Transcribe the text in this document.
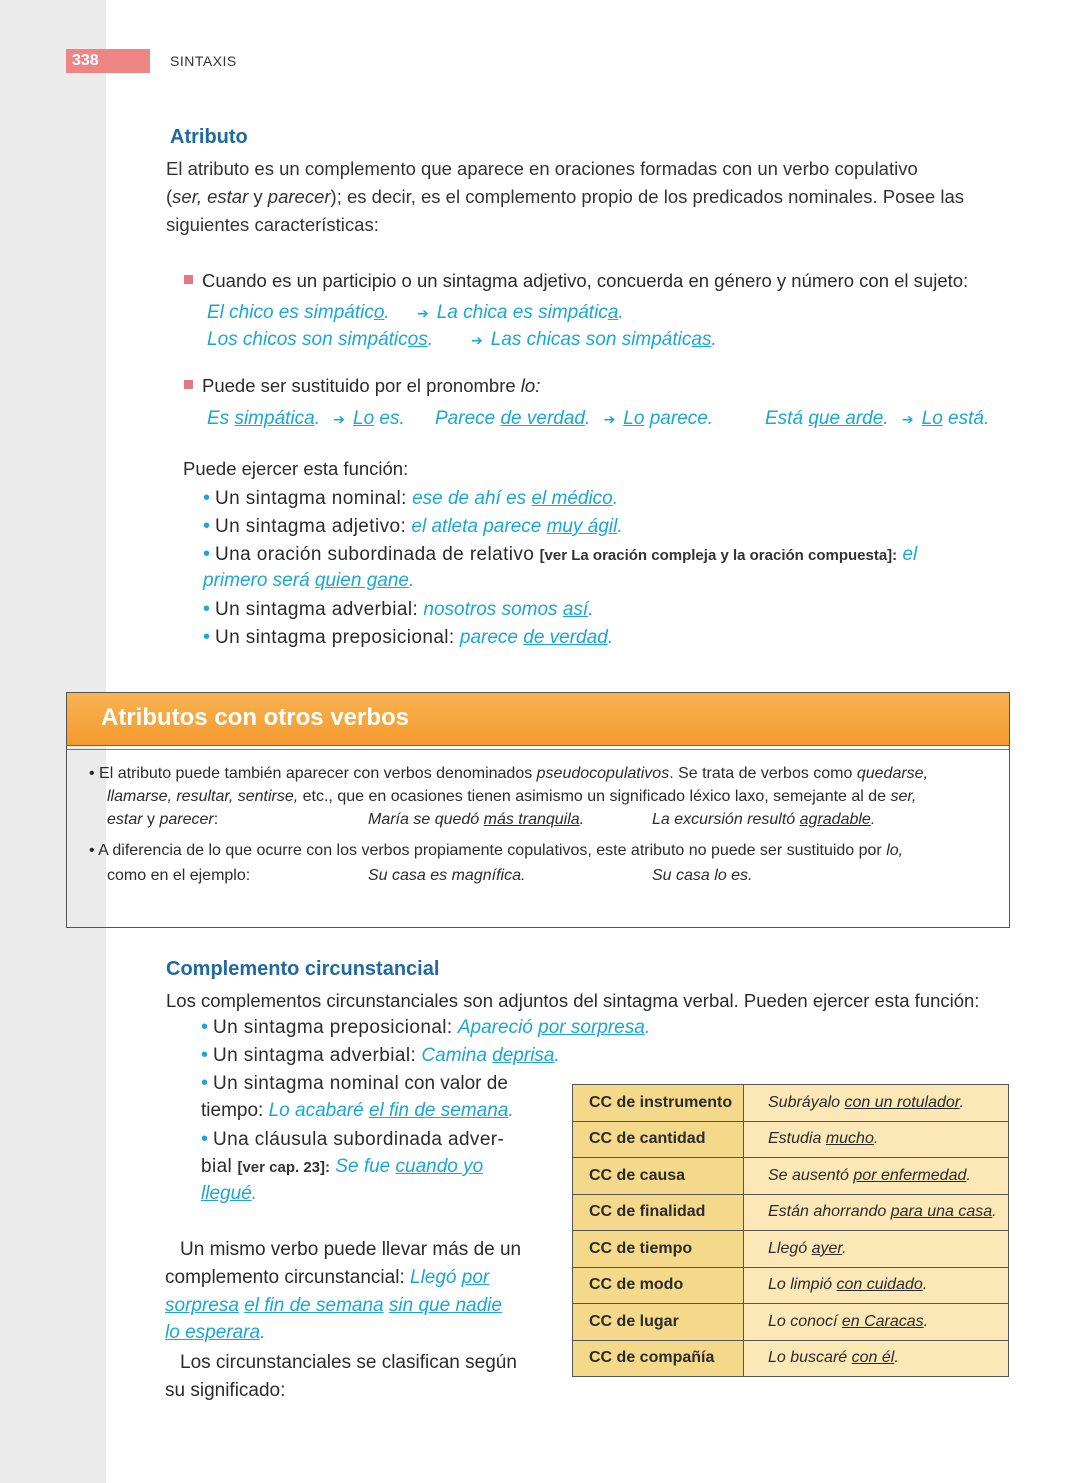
338	SINTAXIS
Atributo
El atributo es un complemento que aparece en oraciones formadas con un verbo copulativo
(ser, estar y parecer); es decir, es el complemento propio de los predicados nominales. Posee las
siguientes características:
Cuando es un participio o un sintagma adjetivo, concuerda en género y número con el sujeto:
El chico es simpático. ➔ La chica es simpática.
Los chicos son simpáticos.	➔ Las chicas son simpáticas.
Puede ser sustituido por el pronombre lo:
Es simpática. ➔ Lo es. Parece de verdad. ➔ Lo parece.	Está que arde. ➔ Lo está.
Puede ejercer esta función:
• Un sintagma nominal: ese de ahí es el médico.
• Un sintagma adjetivo: el atleta parece muy ágil.
• Una oración subordinada de relativo [ver La oración compleja y la oración compuesta]: el
primero será quien gane.
• Un sintagma adverbial: nosotros somos así.
• Un sintagma preposicional: parece de verdad.
Atributos con otros verbos
• El atributo puede también aparecer con verbos denominados pseudocopulativos. Se trata de verbos como quedarse,
llamarse, resultar, sentirse, etc., que en ocasiones tienen asimismo un significado léxico laxo, semejante al de ser,
estar y parecer:	María se quedó más tranquila.	La excursión resultó agradable.
• A diferencia de lo que ocurre con los verbos propiamente copulativos, este atributo no puede ser sustituido por lo,
como en el ejemplo:	Su casa es magnífica.	Su casa lo es.
Complemento circunstancial
Los complementos circunstanciales son adjuntos del sintagma verbal. Pueden ejercer esta función:
• Un sintagma preposicional: Apareció por sorpresa.
• Un sintagma adverbial: Camina deprisa.
• Un sintagma nominal con valor de
tiempo: Lo acabaré el fin de semana.
• Una cláusula subordinada adver-
bial [ver cap. 23]: Se fue cuando yo
llegué.
Un mismo verbo puede llevar más de un
complemento circunstancial: Llegó por
sorpresa el fin de semana sin que nadie
lo esperara.
Los circunstanciales se clasifican según
su significado:
CC de instrumento	Subráyalo con un rotulador.
CC de cantidad	Estudia mucho.
CC de causa	Se ausentó por enfermedad.
CC de finalidad	Están ahorrando para una casa.
CC de tiempo	Llegó ayer.
CC de modo	Lo limpió con cuidado.
CC de lugar	Lo conocí en Caracas.
CC de compañía	Lo buscaré con él.
